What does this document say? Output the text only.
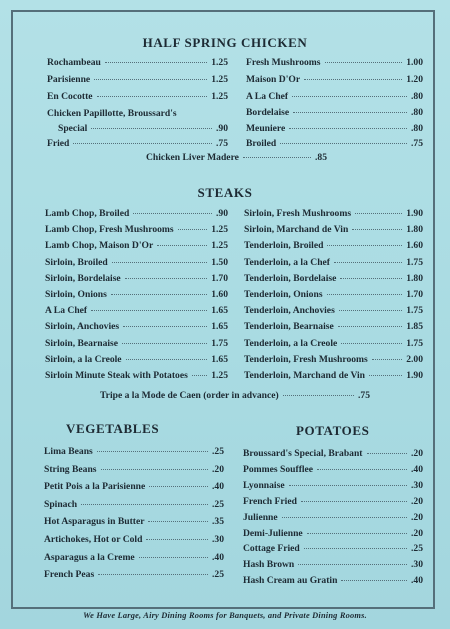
HALF SPRING CHICKEN
STEAKS
VEGETABLES	POTATOES
Rochambeau	1.25
Parisienne	1.25
En Cocotte	1.25
Chicken Papillotte, Broussard's
Special	.90
Fried	.75
Fresh Mushrooms	1.00
Maison D'Or	1.20
A La Chef	.80
Bordelaise	.80
Meuniere	.80
Broiled	.75
Chicken Liver Madere	.85
Lamb Chop, Broiled	.90
Lamb Chop, Fresh Mushrooms	1.25
Lamb Chop, Maison D'Or	1.25
Sirloin, Broiled	1.50
Sirloin, Bordelaise	1.70
Sirloin, Onions	1.60
A La Chef	1.65
Sirloin, Anchovies	1.65
Sirloin, Bearnaise	1.75
Sirloin, a la Creole	1.65
Sirloin Minute Steak with Potatoes 1.25
Sirloin, Fresh Mushrooms	1.90
Sirloin, Marchand de Vin	1.80
Tenderloin, Broiled	1.60
Tenderloin, a la Chef	1.75
Tenderloin, Bordelaise	1.80
Tenderloin, Onions	1.70
Tenderloin, Anchovies	1.75
Tenderloin, Bearnaise	1.85
Tenderloin, a la Creole	1.75
Tenderloin, Fresh Mushrooms	2.00
Tenderloin, Marchand de Vin	1.90
Tripe a la Mode de Caen (order in advance)	.75
Lima Beans	.25
String Beans	.20
Petit Pois a la Parisienne	.40
Spinach	.25
Hot Asparagus in Butter	.35
Artichokes, Hot or Cold	.30
Asparagus a la Creme	.40
French Peas	.25
Broussard's Special, Brabant	.20
Pommes Soufflee	.40
Lyonnaise	.30
French Fried	.20
Julienne	.20
Demi-Julienne	.20
Cottage Fried	.25
Hash Brown	.30
Hash Cream au Gratin	.40
We Have Large, Airy Dining Rooms for Banquets, and Private Dining Rooms.
